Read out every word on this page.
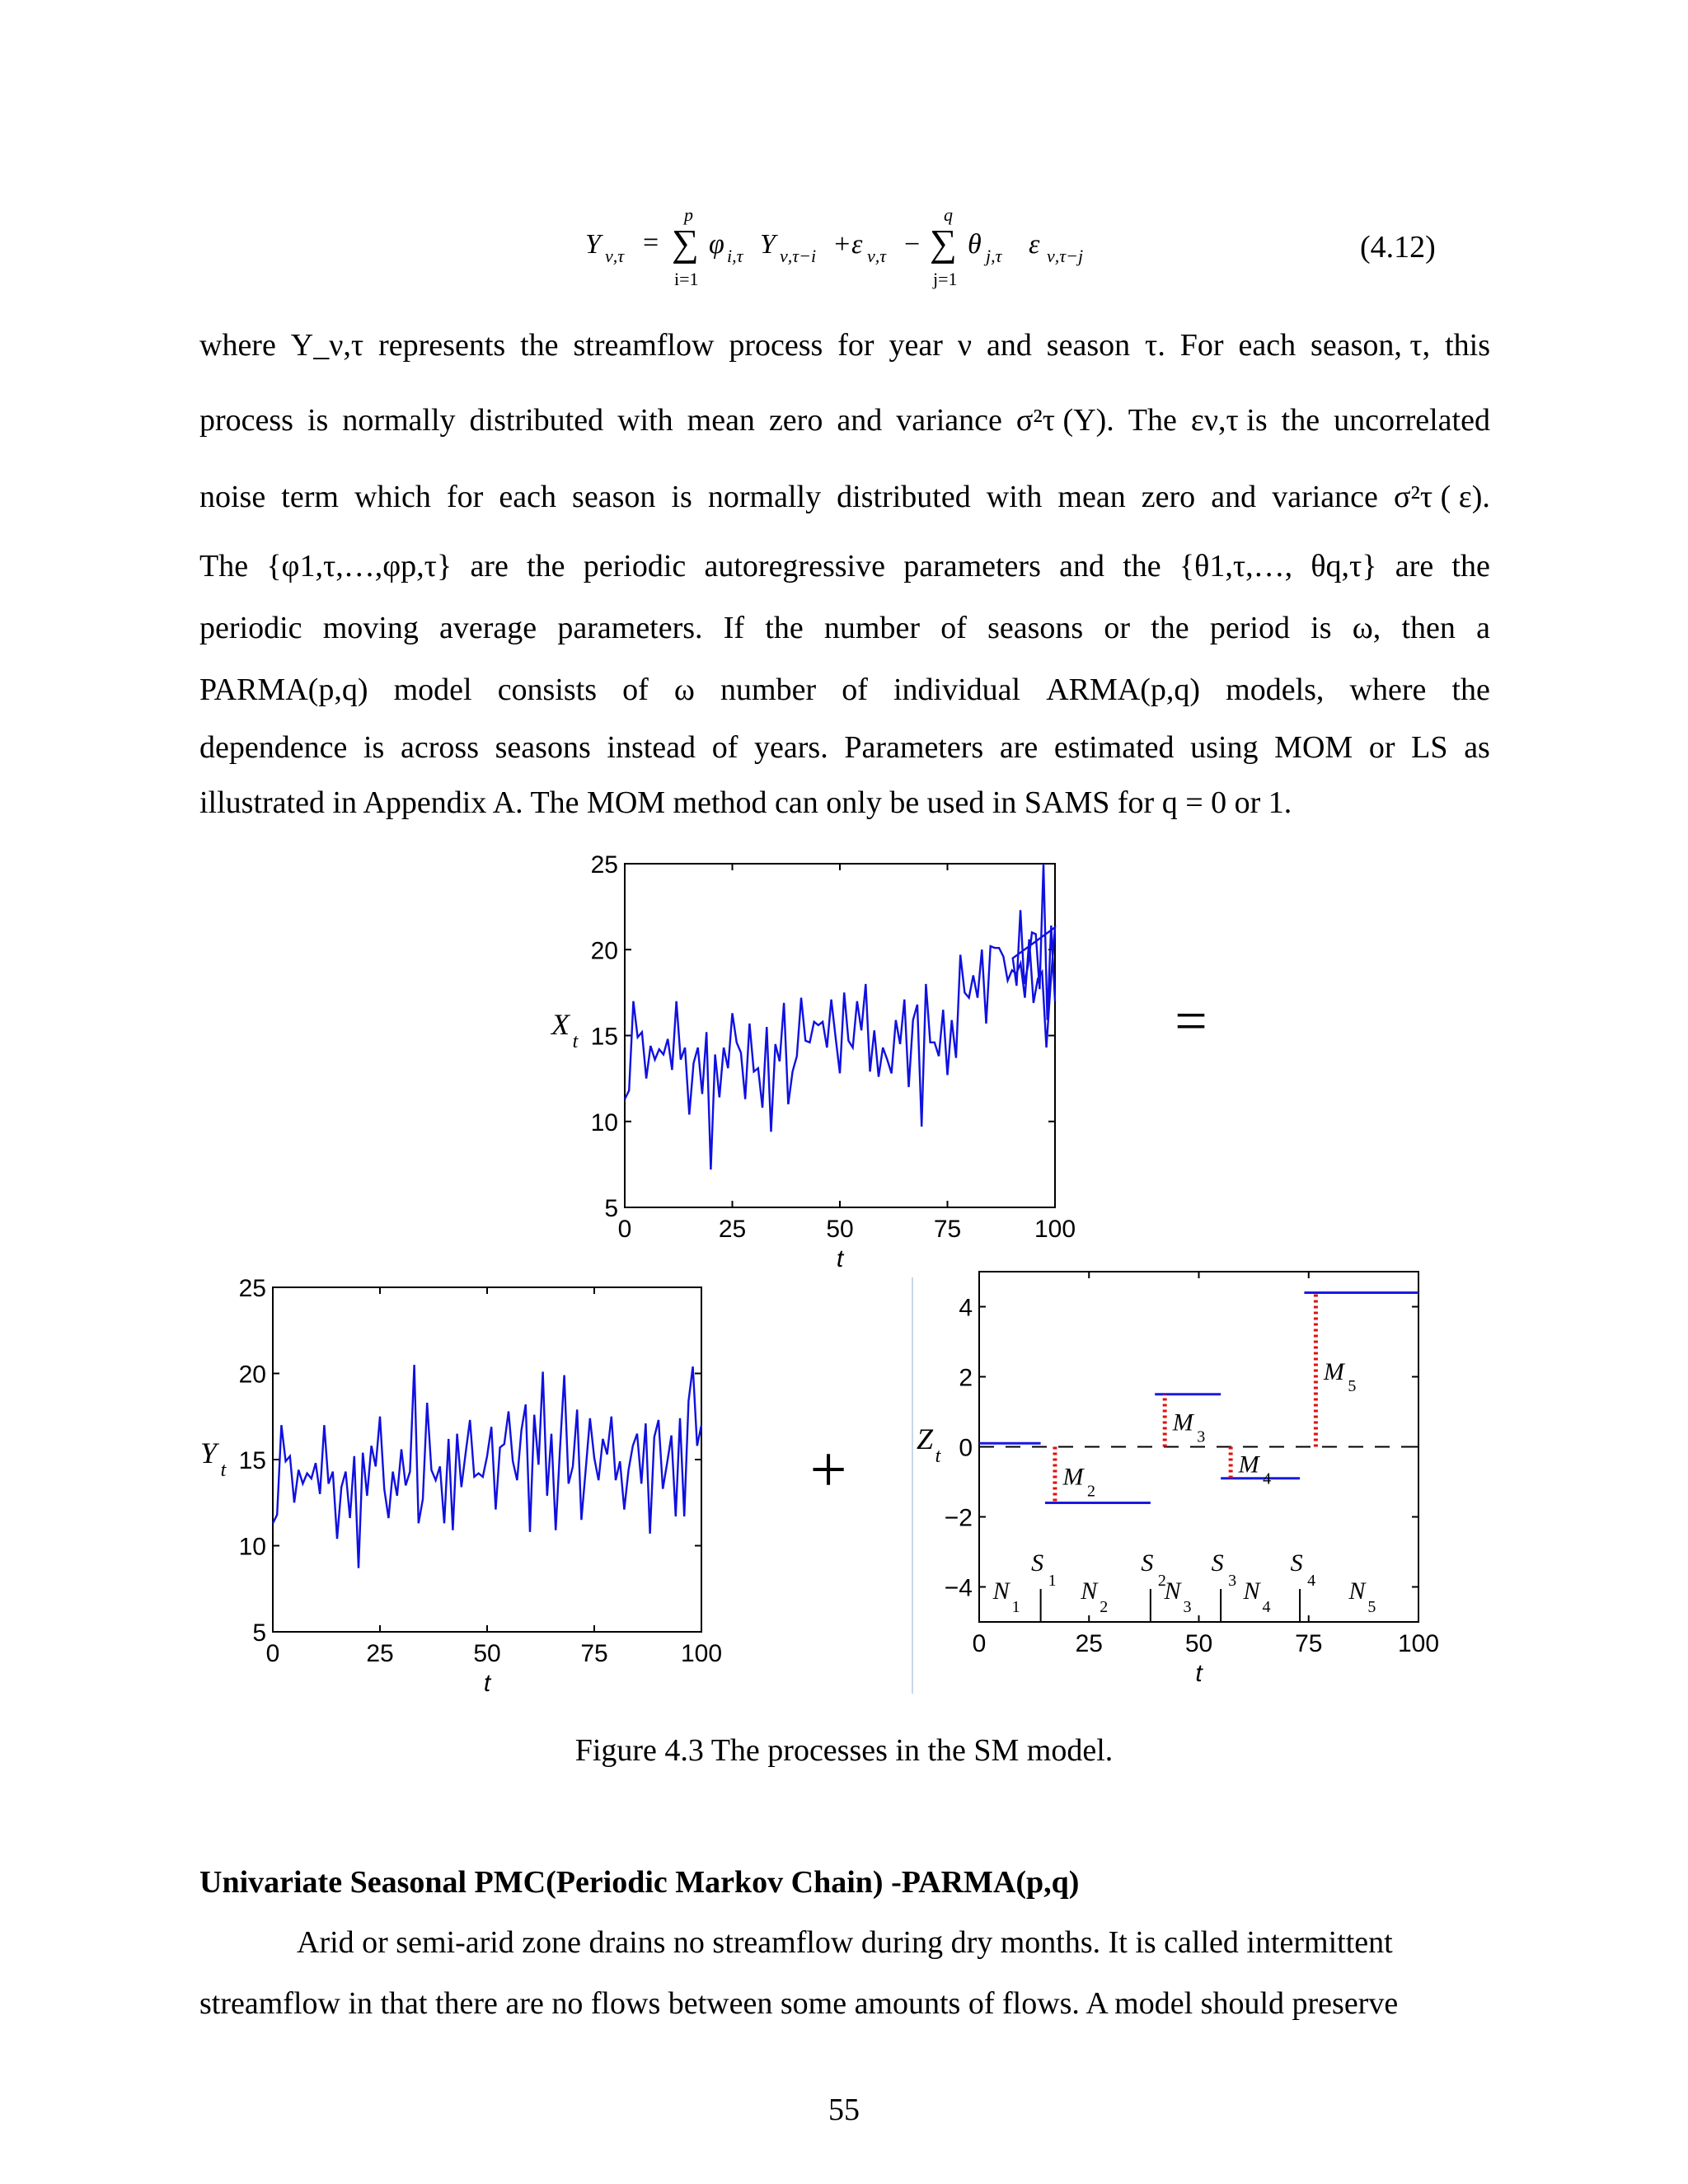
Y ν,τ =
p
∑
i=1
φ i,τ Y ν,τ−i +ε ν,τ −
q
∑
j=1
θ j,τ ε ν,τ−j	(4.12)
where Y_ν,τ represents the streamflow process for year ν and season τ. For each season, τ, this
process is normally distributed with mean zero and variance σ²τ (Y). The εν,τ is the uncorrelated
noise term which for each season is normally distributed with mean zero and variance σ²τ ( ε).
The {φ1,τ,…,φp,τ} are the periodic autoregressive parameters and the {θ1,τ,…, θq,τ} are the
periodic moving average parameters. If the number of seasons or the period is ω, then a
PARMA(p,q) model consists of ω number of individual ARMA(p,q) models, where the
dependence is across seasons instead of years. Parameters are estimated using MOM or LS as
illustrated in Appendix A. The MOM method can only be used in SAMS for q = 0 or 1.
0	25	50	75	100
5
10
15
20
25
X
t
t
0	25	50	75	100
5
10
15
20
25
Y
t
t
0	25	50	75	100
−4
−2
0
2
4
M
2
M
3
M
4
M
5
S
1
S
2
S
3
S
4
N
1
N
2
N
3
N
4
N
5
Z
t
t
=
+
Figure 4.3 The processes in the SM model.
Univariate Seasonal PMC(Periodic Markov Chain) -PARMA(p,q)
Arid or semi-arid zone drains no streamflow during dry months. It is called intermittent
streamflow in that there are no flows between some amounts of flows. A model should preserve
55
